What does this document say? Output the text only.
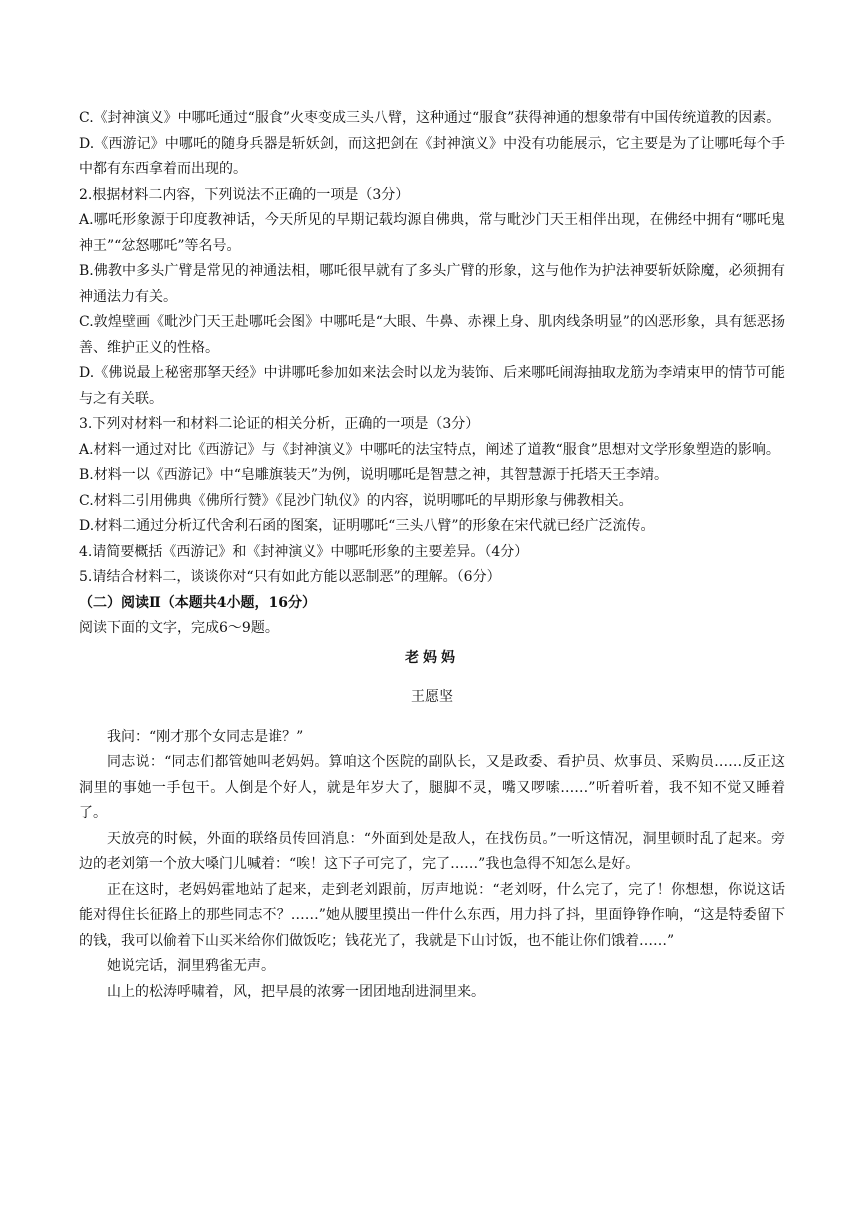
C.《封神演义》中哪吒通过“服食”火枣变成三头八臂，这种通过“服食”获得神通的想象带有中国传统道教的因素。

D.《西游记》中哪吒的随身兵器是斩妖剑，而这把剑在《封神演义》中没有功能展示，它主要是为了让哪吒每个手中都有东西拿着而出现的。

2.根据材料二内容，下列说法不正确的一项是（3分）

A.哪吒形象源于印度教神话，今天所见的早期记载均源自佛典，常与毗沙门天王相伴出现，在佛经中拥有“哪吒鬼神王”“忿怒哪吒”等名号。

B.佛教中多头广臂是常见的神通法相，哪吒很早就有了多头广臂的形象，这与他作为护法神要斩妖除魔，必须拥有神通法力有关。

C.敦煌壁画《毗沙门天王赴哪吒会图》中哪吒是“大眼、牛鼻、赤裸上身、肌肉线条明显”的凶恶形象，具有惩恶扬善、维护正义的性格。

D.《佛说最上秘密那拏天经》中讲哪吒参加如来法会时以龙为装饰、后来哪吒闹海抽取龙筋为李靖束甲的情节可能与之有关联。

3.下列对材料一和材料二论证的相关分析，正确的一项是（3分）

A.材料一通过对比《西游记》与《封神演义》中哪吒的法宝特点，阐述了道教“服食”思想对文学形象塑造的影响。

B.材料一以《西游记》中“皂雕旗装天”为例，说明哪吒是智慧之神，其智慧源于托塔天王李靖。

C.材料二引用佛典《佛所行赞》《昆沙门轨仪》的内容，说明哪吒的早期形象与佛教相关。

D.材料二通过分析辽代舍利石函的图案，证明哪吒“三头八臂”的形象在宋代就已经广泛流传。

4.请简要概括《西游记》和《封神演义》中哪吒形象的主要差异。（4分）

5.请结合材料二，谈谈你对“只有如此方能以恶制恶”的理解。（6分）

（二）阅读Ⅱ（本题共4小题，16分）

阅读下面的文字，完成6～9题。

老妈妈

王愿坚

我问：“刚才那个女同志是谁？”

同志说：“同志们都管她叫老妈妈。算咱这个医院的副队长，又是政委、看护员、炊事员、采购员……反正这洞里的事她一手包干。人倒是个好人，就是年岁大了，腿脚不灵，嘴又啰嗦……”听着听着，我不知不觉又睡着了。

天放亮的时候，外面的联络员传回消息：“外面到处是敌人，在找伤员。”一听这情况，洞里顿时乱了起来。旁边的老刘第一个放大嗓门儿喊着：“唉！这下子可完了，完了……”我也急得不知怎么是好。

正在这时，老妈妈霍地站了起来，走到老刘跟前，厉声地说：“老刘呀，什么完了，完了！你想想，你说这话能对得住长征路上的那些同志不？……”她从腰里摸出一件什么东西，用力抖了抖，里面铮铮作响，“这是特委留下的钱，我可以偷着下山买米给你们做饭吃；钱花光了，我就是下山讨饭，也不能让你们饿着……”

她说完话，洞里鸦雀无声。

山上的松涛呼啸着，风，把早晨的浓雾一团团地刮进洞里来。
